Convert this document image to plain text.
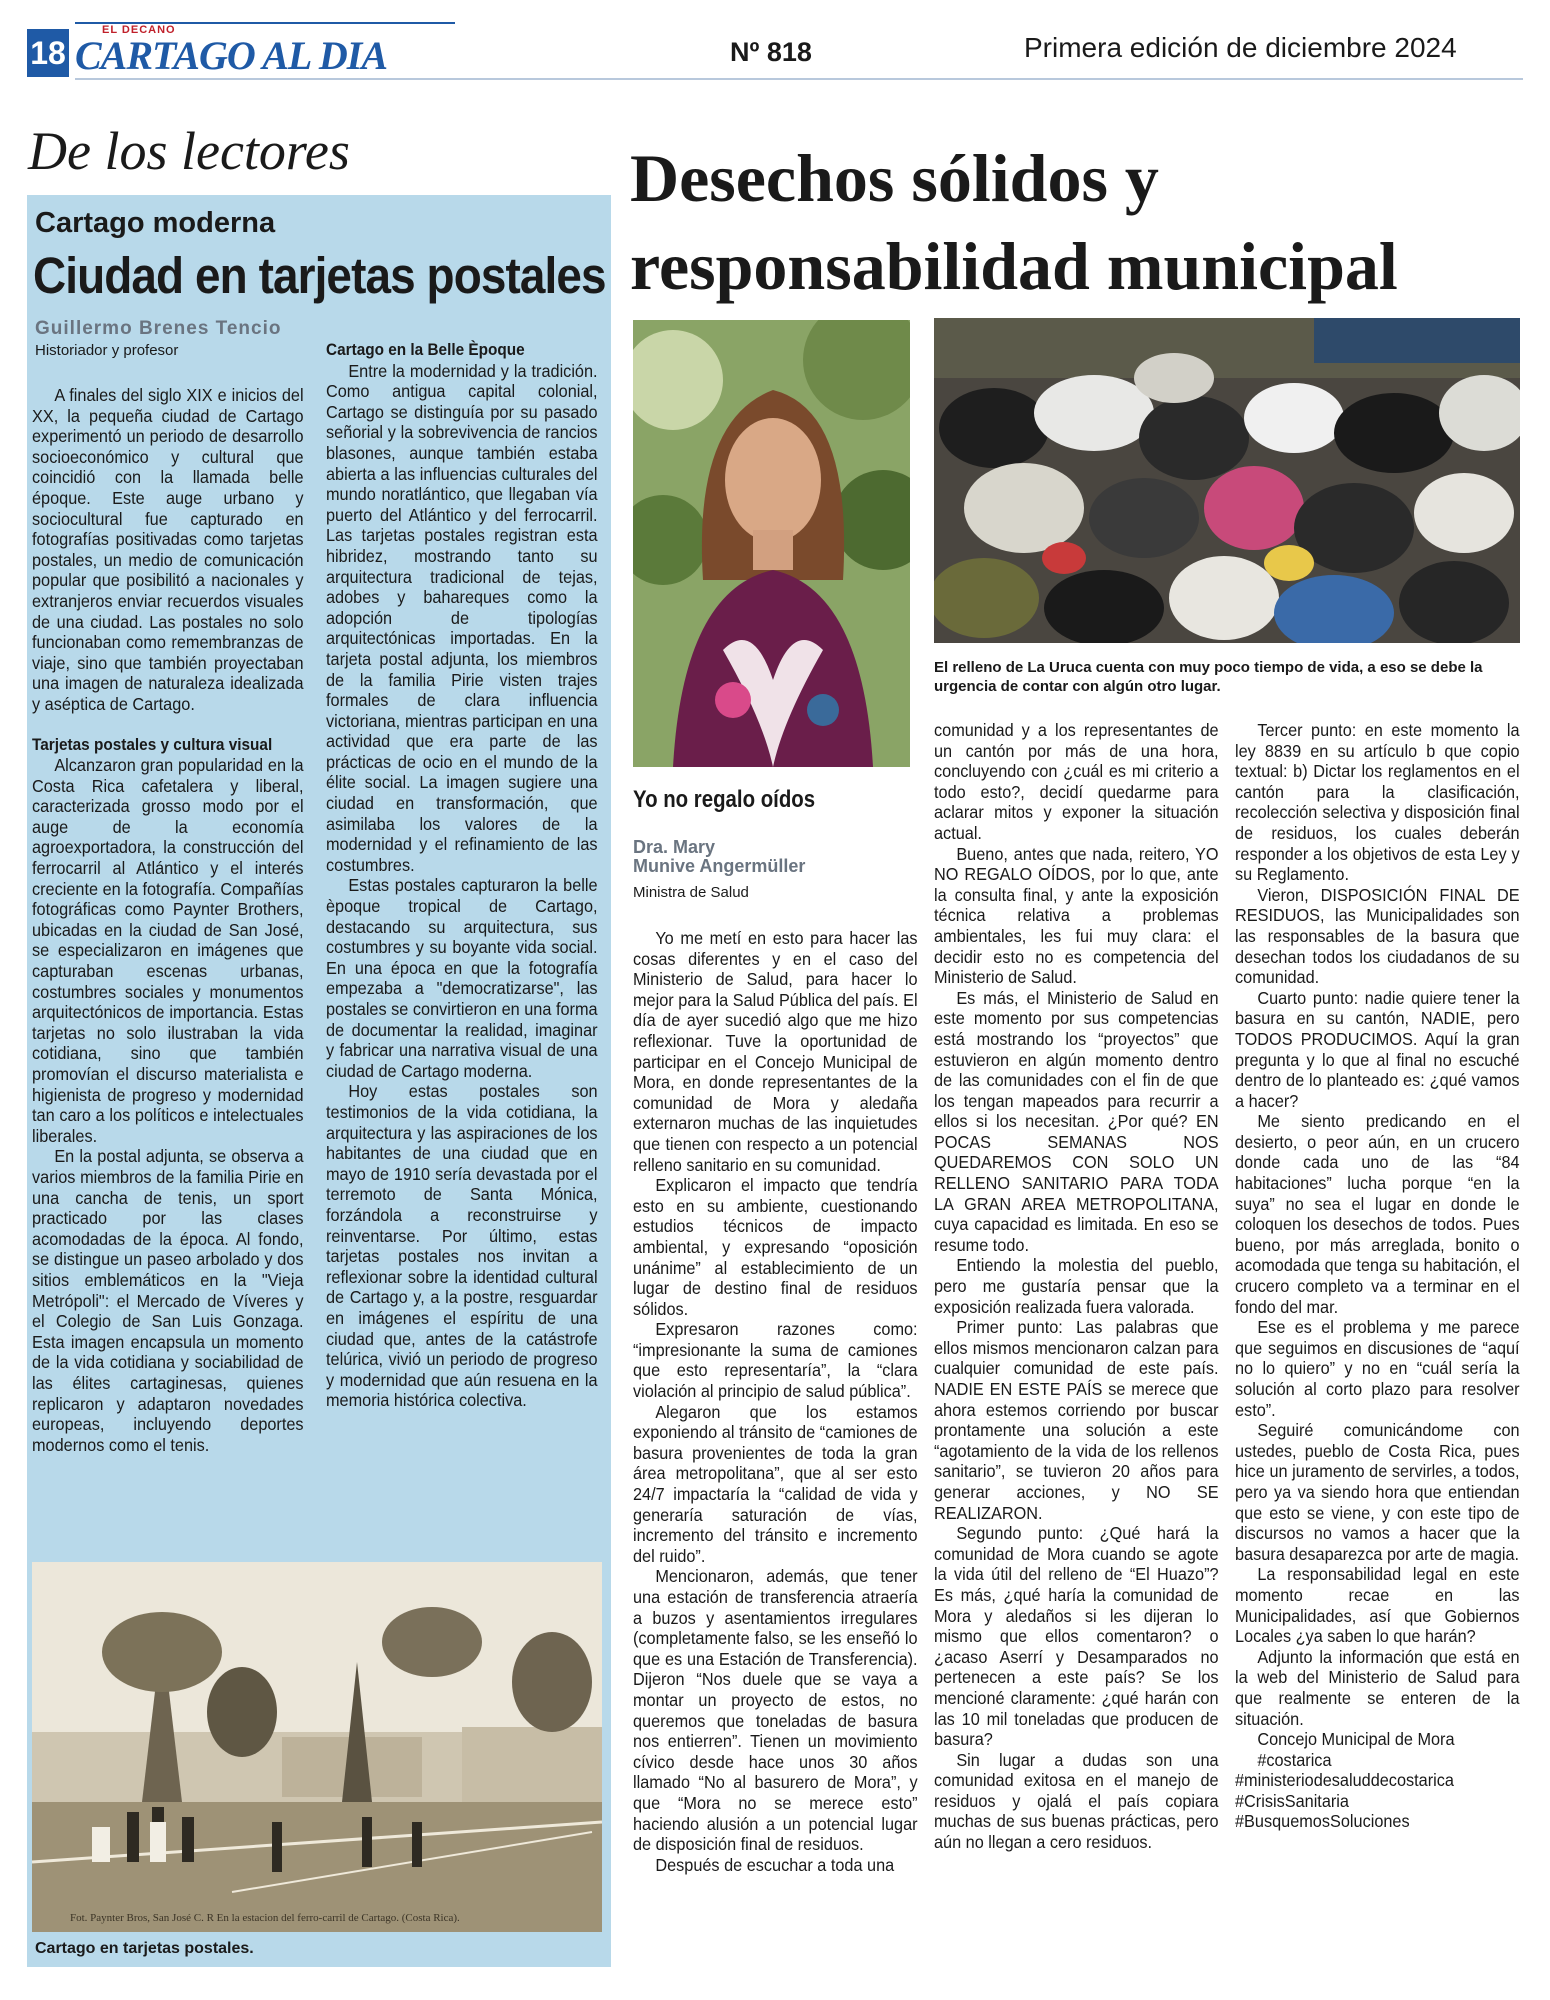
18
EL DECANO
CARTAGO AL DIA	Nº 818	Primera edición de diciembre 2024
De los lectores
Cartago moderna
Ciudad en tarjetas postales
Guillermo Brenes Tencio
Historiador y profesor

A finales del siglo XIX e inicios del XX, la pequeña ciudad de Cartago experimentó un periodo de desarrollo socioeconómico y cultural que coincidió con la llamada belle époque. Este auge urbano y sociocultural fue capturado en fotografías positivadas como tarjetas postales, un medio de comunicación popular que posibilitó a nacionales y extranjeros enviar recuerdos visuales de una ciudad. Las postales no solo funcionaban como remembranzas de viaje, sino que también proyectaban una imagen de naturaleza idealizada y aséptica de Cartago.

Tarjetas postales y cultura visual

Alcanzaron gran popularidad en la Costa Rica cafetalera y liberal, caracterizada grosso modo por el auge de la economía agroexportadora, la construcción del ferrocarril al Atlántico y el interés creciente en la fotografía. Compañías fotográficas como Paynter Brothers, ubicadas en la ciudad de San José, se especializaron en imágenes que capturaban escenas urbanas, costumbres sociales y monumentos arquitectónicos de importancia. Estas tarjetas no solo ilustraban la vida cotidiana, sino que también promovían el discurso materialista e higienista de progreso y modernidad tan caro a los políticos e intelectuales liberales.

En la postal adjunta, se observa a varios miembros de la familia Pirie en una cancha de tenis, un sport practicado por las clases acomodadas de la época. Al fondo, se distingue un paseo arbolado y dos sitios emblemáticos en la "Vieja Metrópoli": el Mercado de Víveres y el Colegio de San Luis Gonzaga. Esta imagen encapsula un momento de la vida cotidiana y sociabilidad de las élites cartaginesas, quienes replicaron y adaptaron novedades europeas, incluyendo deportes modernos como el tenis.

Cartago en la Belle Èpoque

Entre la modernidad y la tradición. Como antigua capital colonial, Cartago se distinguía por su pasado señorial y la sobrevivencia de rancios blasones, aunque también estaba abierta a las influencias culturales del mundo noratlántico, que llegaban vía puerto del Atlántico y del ferrocarril. Las tarjetas postales registran esta hibridez, mostrando tanto su arquitectura tradicional de tejas, adobes y bahareques como la adopción de tipologías arquitectónicas importadas. En la tarjeta postal adjunta, los miembros de la familia Pirie visten trajes formales de clara influencia victoriana, mientras participan en una actividad que era parte de las prácticas de ocio en el mundo de la élite social. La imagen sugiere una ciudad en transformación, que asimilaba los valores de la modernidad y el refinamiento de las costumbres.

Estas postales capturaron la belle èpoque tropical de Cartago, destacando su arquitectura, sus costumbres y su boyante vida social. En una época en que la fotografía empezaba a "democratizarse", las postales se convirtieron en una forma de documentar la realidad, imaginar y fabricar una narrativa visual de una ciudad de Cartago moderna.

Hoy estas postales son testimonios de la vida cotidiana, la arquitectura y las aspiraciones de los habitantes de una ciudad que en mayo de 1910 sería devastada por el terremoto de Santa Mónica, forzándola a reconstruirse y reinventarse. Por último, estas tarjetas postales nos invitan a reflexionar sobre la identidad cultural de Cartago y, a la postre, resguardar en imágenes el espíritu de una ciudad que, antes de la catástrofe telúrica, vivió un periodo de progreso y modernidad que aún resuena en la memoria histórica colectiva.

Fot. Paynter Bros, San José C. R En la estacion del ferro-carril de Cartago. (Costa Rica).
Cartago en tarjetas postales.
Desechos sólidos y responsabilidad municipal
Yo no regalo oídos
Dra. Mary
Munive Angermüller
Ministra de Salud
El relleno de La Uruca cuenta con muy poco tiempo de vida, a eso se debe la urgencia de contar con algún otro lugar.

Yo me metí en esto para hacer las cosas diferentes y en el caso del Ministerio de Salud, para hacer lo mejor para la Salud Pública del país. El día de ayer sucedió algo que me hizo reflexionar. Tuve la oportunidad de participar en el Concejo Municipal de Mora, en donde representantes de la comunidad de Mora y aledaña externaron muchas de las inquietudes que tienen con respecto a un potencial relleno sanitario en su comunidad.

Explicaron el impacto que tendría esto en su ambiente, cuestionando estudios técnicos de impacto ambiental, y expresando “oposición unánime” al establecimiento de un lugar de destino final de residuos sólidos.

Expresaron razones como: “impresionante la suma de camiones que esto representaría”, la “clara violación al principio de salud pública”.

Alegaron que los estamos exponiendo al tránsito de “camiones de basura provenientes de toda la gran área metropolitana”, que al ser esto 24/7 impactaría la “calidad de vida y generaría saturación de vías, incremento del tránsito e incremento del ruido”.

Mencionaron, además, que tener una estación de transferencia atraería a buzos y asentamientos irregulares (completamente falso, se les enseñó lo que es una Estación de Transferencia). Dijeron “Nos duele que se vaya a montar un proyecto de estos, no queremos que toneladas de basura nos entierren”. Tienen un movimiento cívico desde hace unos 30 años llamado “No al basurero de Mora”, y que “Mora no se merece esto” haciendo alusión a un potencial lugar de disposición final de residuos.

Después de escuchar a toda una

comunidad y a los representantes de un cantón por más de una hora, concluyendo con ¿cuál es mi criterio a todo esto?, decidí quedarme para aclarar mitos y exponer la situación actual.

Bueno, antes que nada, reitero, YO NO REGALO OÍDOS, por lo que, ante la consulta final, y ante la exposición técnica relativa a problemas ambientales, les fui muy clara: el decidir esto no es competencia del Ministerio de Salud.

Es más, el Ministerio de Salud en este momento por sus competencias está mostrando los “proyectos” que estuvieron en algún momento dentro de las comunidades con el fin de que los tengan mapeados para recurrir a ellos si los necesitan. ¿Por qué? EN POCAS SEMANAS NOS QUEDAREMOS CON SOLO UN RELLENO SANITARIO PARA TODA LA GRAN AREA METROPOLITANA, cuya capacidad es limitada. En eso se resume todo.

Entiendo la molestia del pueblo, pero me gustaría pensar que la exposición realizada fuera valorada.

Primer punto: Las palabras que ellos mismos mencionaron calzan para cualquier comunidad de este país. NADIE EN ESTE PAÍS se merece que ahora estemos corriendo por buscar prontamente una solución a este “agotamiento de la vida de los rellenos sanitario”, se tuvieron 20 años para generar acciones, y NO SE REALIZARON.

Segundo punto: ¿Qué hará la comunidad de Mora cuando se agote la vida útil del relleno de “El Huazo”? Es más, ¿qué haría la comunidad de Mora y aledaños si les dijeran lo mismo que ellos comentaron? o ¿acaso Aserrí y Desamparados no pertenecen a este país? Se los mencioné claramente: ¿qué harán con las 10 mil toneladas que producen de basura?

Sin lugar a dudas son una comunidad exitosa en el manejo de residuos y ojalá el país copiara muchas de sus buenas prácticas, pero aún no llegan a cero residuos.

Tercer punto: en este momento la ley 8839 en su artículo b que copio textual: b) Dictar los reglamentos en el cantón para la clasificación, recolección selectiva y disposición final de residuos, los cuales deberán responder a los objetivos de esta Ley y su Reglamento.

Vieron, DISPOSICIÓN FINAL DE RESIDUOS, las Municipalidades son las responsables de la basura que desechan todos los ciudadanos de su comunidad.

Cuarto punto: nadie quiere tener la basura en su cantón, NADIE, pero TODOS PRODUCIMOS. Aquí la gran pregunta y lo que al final no escuché dentro de lo planteado es: ¿qué vamos a hacer?

Me siento predicando en el desierto, o peor aún, en un crucero donde cada uno de las “84 habitaciones” lucha porque “en la suya” no sea el lugar en donde le coloquen los desechos de todos. Pues bueno, por más arreglada, bonito o acomodada que tenga su habitación, el crucero completo va a terminar en el fondo del mar.

Ese es el problema y me parece que seguimos en discusiones de “aquí no lo quiero” y no en “cuál sería la solución al corto plazo para resolver esto”.

Seguiré comunicándome con ustedes, pueblo de Costa Rica, pues hice un juramento de servirles, a todos, pero ya va siendo hora que entiendan que esto se viene, y con este tipo de discursos no vamos a hacer que la basura desaparezca por arte de magia.

La responsabilidad legal en este momento recae en las Municipalidades, así que Gobiernos Locales ¿ya saben lo que harán?

Adjunto la información que está en la web del Ministerio de Salud para que realmente se enteren de la situación.

Concejo Municipal de Mora

#costarica #ministeriodesaluddecostarica #CrisisSanitaria #BusquemosSoluciones
